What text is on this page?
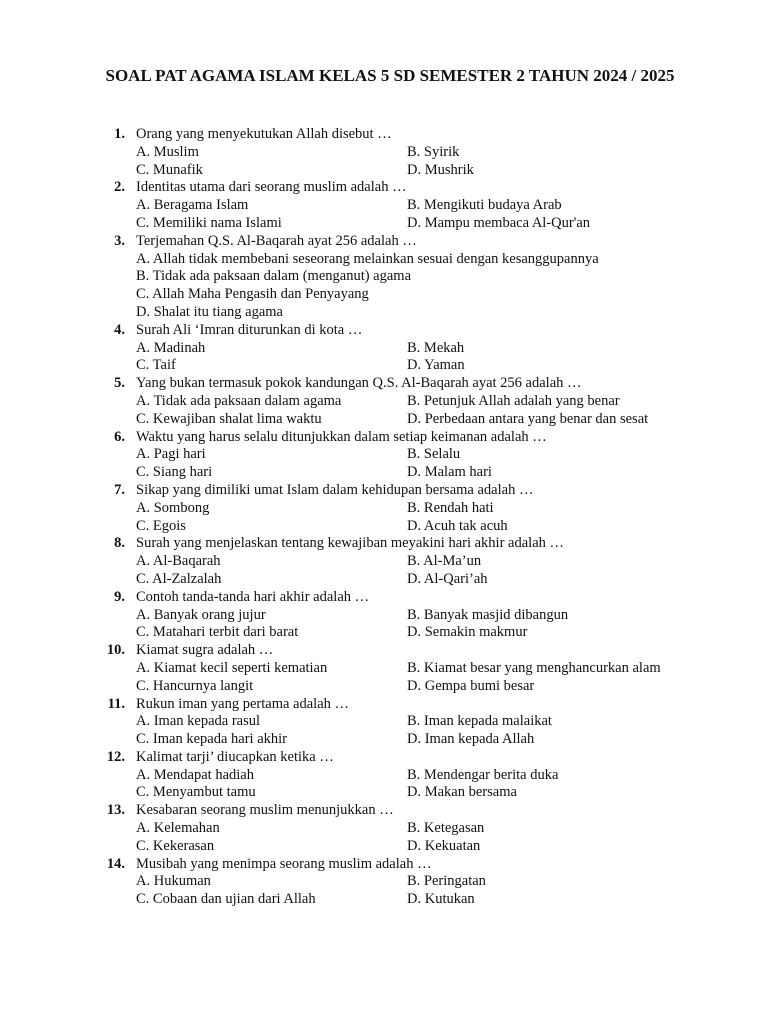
SOAL PAT AGAMA ISLAM KELAS 5 SD SEMESTER 2 TAHUN 2024 / 2025
1. Orang yang menyekutukan Allah disebut …
A. Muslim	B. Syirik
C. Munafik	D. Mushrik
2. Identitas utama dari seorang muslim adalah …
A. Beragama Islam	B. Mengikuti budaya Arab
C. Memiliki nama Islami	D. Mampu membaca Al-Qur'an
3. Terjemahan Q.S. Al-Baqarah ayat 256 adalah …
A. Allah tidak membebani seseorang melainkan sesuai dengan kesanggupannya
B. Tidak ada paksaan dalam (menganut) agama
C. Allah Maha Pengasih dan Penyayang
D. Shalat itu tiang agama
4. Surah Ali ‘Imran diturunkan di kota …
A. Madinah	B. Mekah
C. Taif	D. Yaman
5. Yang bukan termasuk pokok kandungan Q.S. Al-Baqarah ayat 256 adalah …
A. Tidak ada paksaan dalam agama	B. Petunjuk Allah adalah yang benar
C. Kewajiban shalat lima waktu	D. Perbedaan antara yang benar dan sesat
6. Waktu yang harus selalu ditunjukkan dalam setiap keimanan adalah …
A. Pagi hari	B. Selalu
C. Siang hari	D. Malam hari
7. Sikap yang dimiliki umat Islam dalam kehidupan bersama adalah …
A. Sombong	B. Rendah hati
C. Egois	D. Acuh tak acuh
8. Surah yang menjelaskan tentang kewajiban meyakini hari akhir adalah …
A. Al-Baqarah	B. Al-Ma’un
C. Al-Zalzalah	D. Al-Qari’ah
9. Contoh tanda-tanda hari akhir adalah …
A. Banyak orang jujur	B. Banyak masjid dibangun
C. Matahari terbit dari barat	D. Semakin makmur
10. Kiamat sugra adalah …
A. Kiamat kecil seperti kematian	B. Kiamat besar yang menghancurkan alam
C. Hancurnya langit	D. Gempa bumi besar
11. Rukun iman yang pertama adalah …
A. Iman kepada rasul	B. Iman kepada malaikat
C. Iman kepada hari akhir	D. Iman kepada Allah
12. Kalimat tarji’ diucapkan ketika …
A. Mendapat hadiah	B. Mendengar berita duka
C. Menyambut tamu	D. Makan bersama
13. Kesabaran seorang muslim menunjukkan …
A. Kelemahan	B. Ketegasan
C. Kekerasan	D. Kekuatan
14. Musibah yang menimpa seorang muslim adalah …
A. Hukuman	B. Peringatan
C. Cobaan dan ujian dari Allah	D. Kutukan
